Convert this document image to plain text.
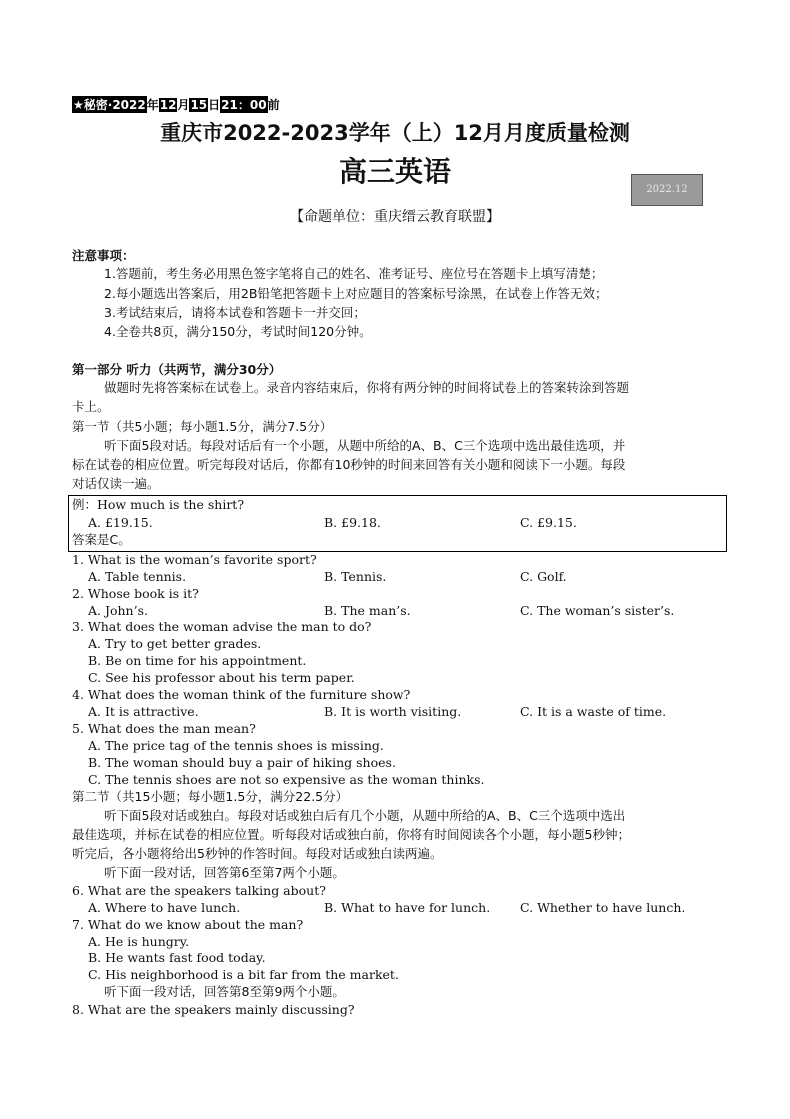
★秘密·2022年12月15日21：00前
重庆市2022-2023学年（上）12月月度质量检测
高三英语
2022.12
【命题单位：重庆缙云教育联盟】
注意事项：
1.答题前，考生务必用黑色签字笔将自己的姓名、准考证号、座位号在答题卡上填写清楚；
2.每小题选出答案后，用2B铅笔把答题卡上对应题目的答案标号涂黑，在试卷上作答无效；
3.考试结束后，请将本试卷和答题卡一并交回；
4.全卷共8页，满分150分，考试时间120分钟。
第一部分 听力（共两节，满分30分）
做题时先将答案标在试卷上。录音内容结束后，你将有两分钟的时间将试卷上的答案转涂到答题
卡上。
第一节（共5小题；每小题1.5分，满分7.5分）
听下面5段对话。每段对话后有一个小题，从题中所给的A、B、C三个选项中选出最佳选项，并
标在试卷的相应位置。听完每段对话后，你都有10秒钟的时间来回答有关小题和阅读下一小题。每段
对话仅读一遍。
例：How much is the shirt?
A. £19.15.	B. £9.18.	C. £9.15.
答案是C。
1. What is the woman’s favorite sport?
A. Table tennis.	B. Tennis.	C. Golf.
2. Whose book is it?
A. John’s.	B. The man’s.	C. The woman’s sister’s.
3. What does the woman advise the man to do?
A. Try to get better grades.
B. Be on time for his appointment.
C. See his professor about his term paper.
4. What does the woman think of the furniture show?
A. It is attractive.	B. It is worth visiting.	C. It is a waste of time.
5. What does the man mean?
A. The price tag of the tennis shoes is missing.
B. The woman should buy a pair of hiking shoes.
C. The tennis shoes are not so expensive as the woman thinks.
第二节（共15小题；每小题1.5分，满分22.5分）
听下面5段对话或独白。每段对话或独白后有几个小题，从题中所给的A、B、C三个选项中选出
最佳选项，并标在试卷的相应位置。听每段对话或独白前，你将有时间阅读各个小题，每小题5秒钟；
听完后，各小题将给出5秒钟的作答时间。每段对话或独白读两遍。
听下面一段对话，回答第6至第7两个小题。
6. What are the speakers talking about?
A. Where to have lunch.	B. What to have for lunch. C. Whether to have lunch.
7. What do we know about the man?
A. He is hungry.
B. He wants fast food today.
C. His neighborhood is a bit far from the market.
听下面一段对话，回答第8至第9两个小题。
8. What are the speakers mainly discussing?
